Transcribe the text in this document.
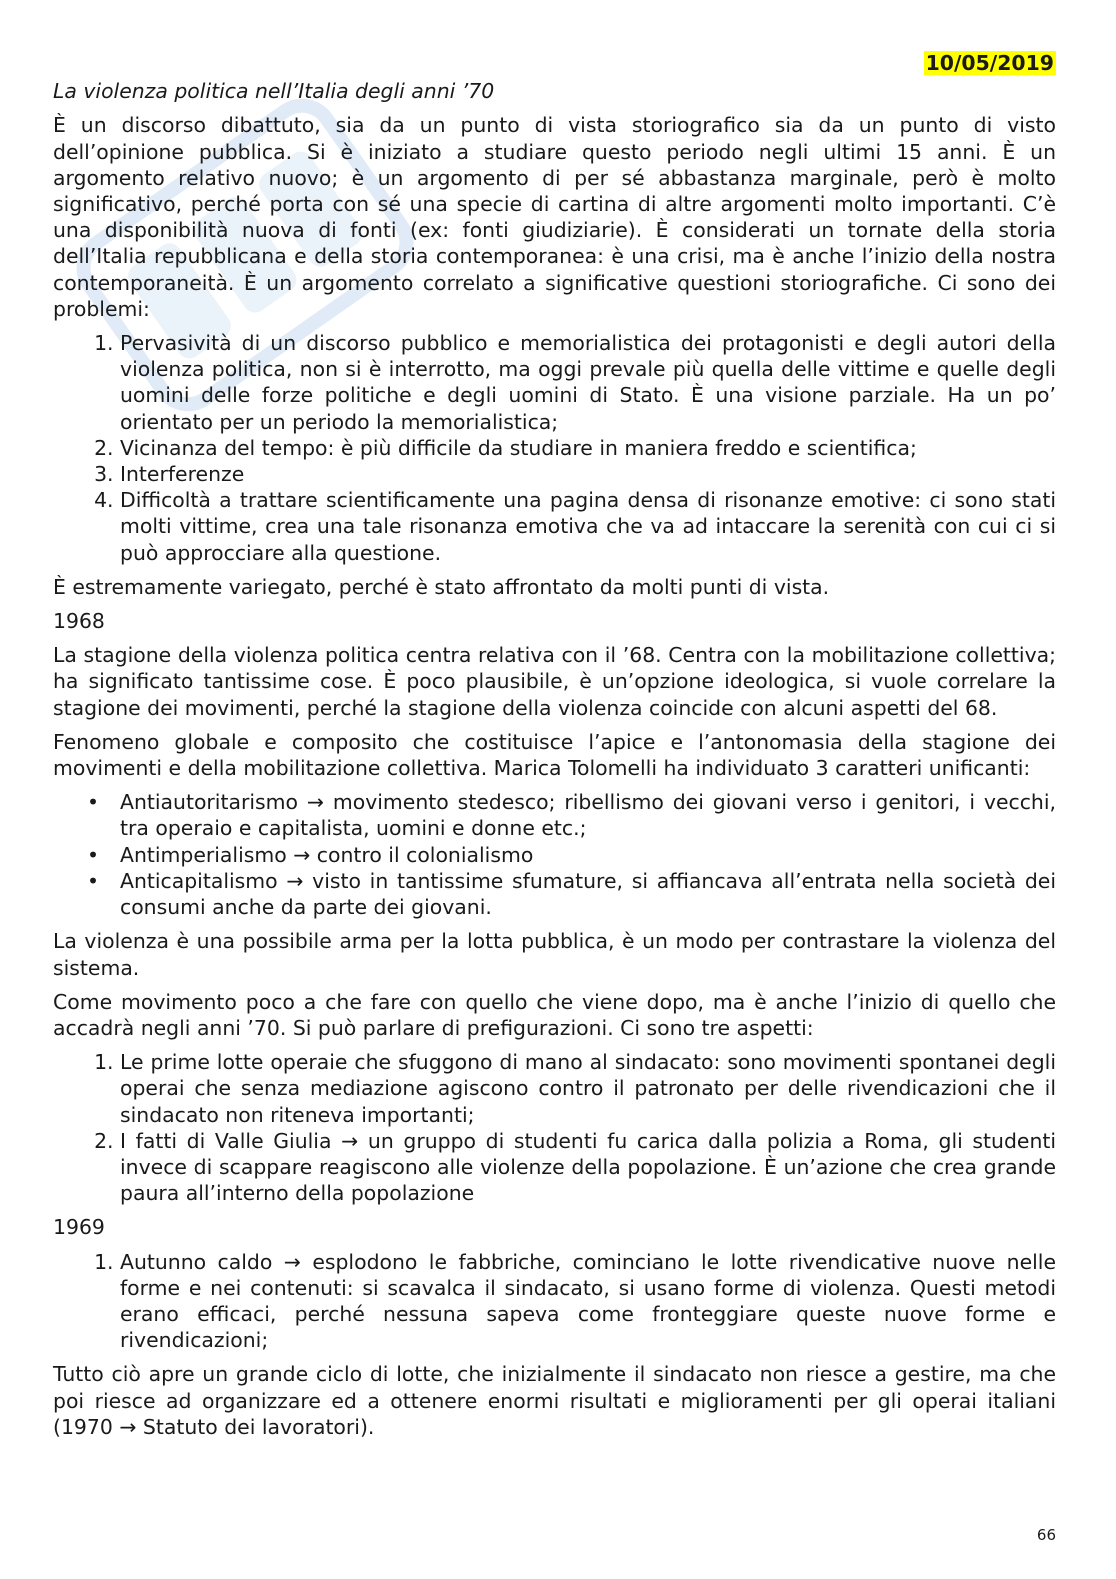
10/05/2019
La violenza politica nell’Italia degli anni ’70

È un discorso dibattuto, sia da un punto di vista storiografico sia da un punto di visto dell’opinione pubblica. Si è iniziato a studiare questo periodo negli ultimi 15 anni. È un argomento relativo nuovo; è un argomento di per sé abbastanza marginale, però è molto significativo, perché porta con sé una specie di cartina di altre argomenti molto importanti. C’è una disponibilità nuova di fonti (ex: fonti giudiziarie). È considerati un tornate della storia dell’Italia repubblicana e della storia contemporanea: è una crisi, ma è anche l’inizio della nostra contemporaneità. È un argomento correlato a significative questioni storiografiche. Ci sono dei problemi:

1. Pervasività di un discorso pubblico e memorialistica dei protagonisti e degli autori della violenza politica, non si è interrotto, ma oggi prevale più quella delle vittime e quelle degli uomini delle forze politiche e degli uomini di Stato. È una visione parziale. Ha un po’ orientato per un periodo la memorialistica;
2. Vicinanza del tempo: è più difficile da studiare in maniera freddo e scientifica;
3. Interferenze
4. Difficoltà a trattare scientificamente una pagina densa di risonanze emotive: ci sono stati molti vittime, crea una tale risonanza emotiva che va ad intaccare la serenità con cui ci si può approcciare alla questione.

È estremamente variegato, perché è stato affrontato da molti punti di vista.

1968

La stagione della violenza politica centra relativa con il ’68. Centra con la mobilitazione collettiva; ha significato tantissime cose. È poco plausibile, è un’opzione ideologica, si vuole correlare la stagione dei movimenti, perché la stagione della violenza coincide con alcuni aspetti del 68.

Fenomeno globale e composito che costituisce l’apice e l’antonomasia della stagione dei movimenti e della mobilitazione collettiva. Marica Tolomelli ha individuato 3 caratteri unificanti:

• Antiautoritarismo → movimento stedesco; ribellismo dei giovani verso i genitori, i vecchi, tra operaio e capitalista, uomini e donne etc.;
• Antimperialismo → contro il colonialismo
• Anticapitalismo → visto in tantissime sfumature, si affiancava all’entrata nella società dei consumi anche da parte dei giovani.

La violenza è una possibile arma per la lotta pubblica, è un modo per contrastare la violenza del sistema.

Come movimento poco a che fare con quello che viene dopo, ma è anche l’inizio di quello che accadrà negli anni ’70. Si può parlare di prefigurazioni. Ci sono tre aspetti:

1. Le prime lotte operaie che sfuggono di mano al sindacato: sono movimenti spontanei degli operai che senza mediazione agiscono contro il patronato per delle rivendicazioni che il sindacato non riteneva importanti;
2. I fatti di Valle Giulia → un gruppo di studenti fu carica dalla polizia a Roma, gli studenti invece di scappare reagiscono alle violenze della popolazione. È un’azione che crea grande paura all’interno della popolazione
1969
1. Autunno caldo → esplodono le fabbriche, cominciano le lotte rivendicative nuove nelle forme e nei contenuti: si scavalca il sindacato, si usano forme di violenza. Questi metodi erano efficaci, perché nessuna sapeva come fronteggiare queste nuove forme e rivendicazioni;

Tutto ciò apre un grande ciclo di lotte, che inizialmente il sindacato non riesce a gestire, ma che poi riesce ad organizzare ed a ottenere enormi risultati e miglioramenti per gli operai italiani (1970 → Statuto dei lavoratori).

66
